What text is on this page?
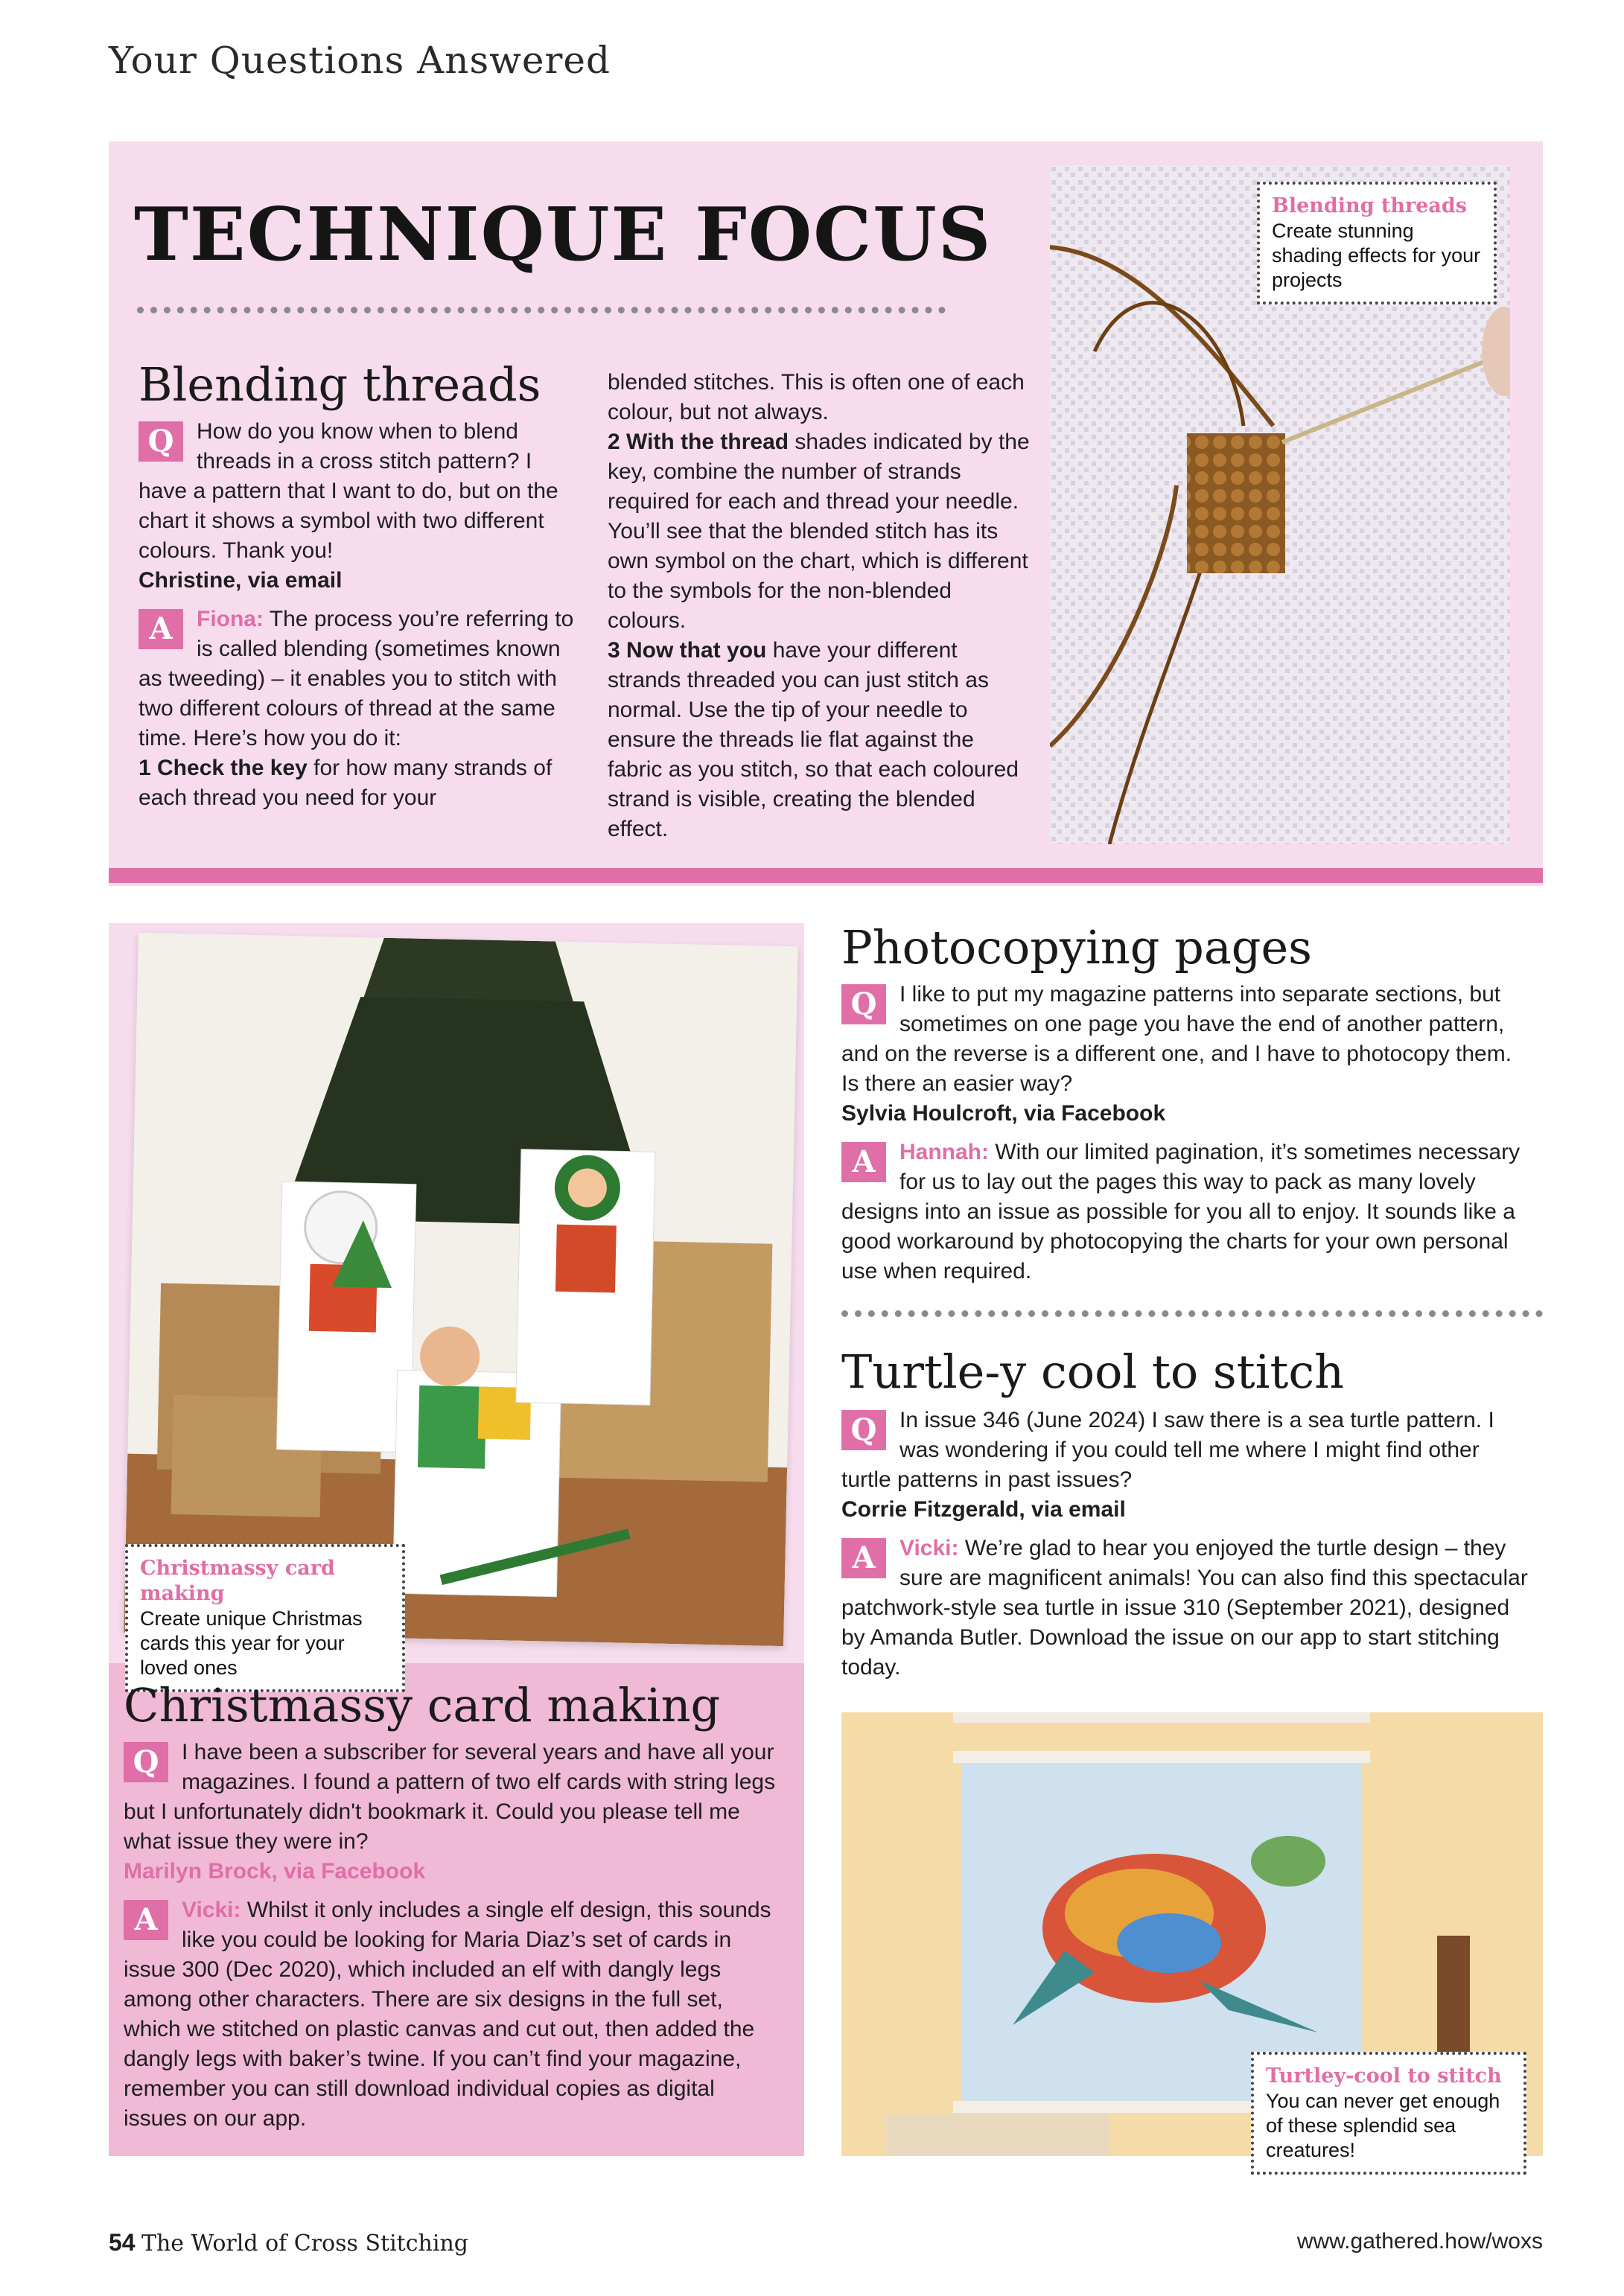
Your Questions Answered
TECHNIQUE FOCUS
Blending threads

Q	How do you know when to blend threads in a cross stitch pattern? I have a pattern that I want to do, but on the chart it shows a symbol with two different colours. Thank you!

Christine, via email

A	Fiona: The process you’re referring to is called blending (sometimes known as tweeding) – it enables you to stitch with two different colours of thread at the same time. Here’s how you do it:

1 Check the key for how many strands of each thread you need for your

blended stitches. This is often one of each colour, but not always.

2 With the thread shades indicated by the key, combine the number of strands required for each and thread your needle. You’ll see that the blended stitch has its own symbol on the chart, which is different to the symbols for the non-blended colours.

3 Now that you have your different strands threaded you can just stitch as normal. Use the tip of your needle to ensure the threads lie flat against the fabric as you stitch, so that each coloured strand is visible, creating the blended effect.

Blending threads
Create stunning shading effects for your projects
Christmassy card making
Create unique Christmas cards this year for your loved ones
Christmassy card making

Q	I have been a subscriber for several years and have all your magazines. I found a pattern of two elf cards with string legs but I unfortunately didn't bookmark it. Could you please tell me what issue they were in?

Marilyn Brock, via Facebook

A	Vicki: Whilst it only includes a single elf design, this sounds like you could be looking for Maria Diaz’s set of cards in issue 300 (Dec 2020), which included an elf with dangly legs among other characters. There are six designs in the full set, which we stitched on plastic canvas and cut out, then added the dangly legs with baker’s twine. If you can’t find your magazine, remember you can still download individual copies as digital issues on our app.

Photocopying pages

Q	I like to put my magazine patterns into separate sections, but sometimes on one page you have the end of another pattern, and on the reverse is a different one, and I have to photocopy them. Is there an easier way?

Sylvia Houlcroft, via Facebook

A	Hannah: With our limited pagination, it’s sometimes necessary for us to lay out the pages this way to pack as many lovely designs into an issue as possible for you all to enjoy. It sounds like a good workaround by photocopying the charts for your own personal use when required.

Turtle-y cool to stitch

Q	In issue 346 (June 2024) I saw there is a sea turtle pattern. I was wondering if you could tell me where I might find other turtle patterns in past issues?

Corrie Fitzgerald, via email

A	Vicki: We’re glad to hear you enjoyed the turtle design – they sure are magnificent animals! You can also find this spectacular patchwork-style sea turtle in issue 310 (September 2021), designed by Amanda Butler. Download the issue on our app to start stitching today.

Turtley-cool to stitch
You can never get enough of these splendid sea creatures!
54 The World of Cross Stitching	www.gathered.how/woxs
